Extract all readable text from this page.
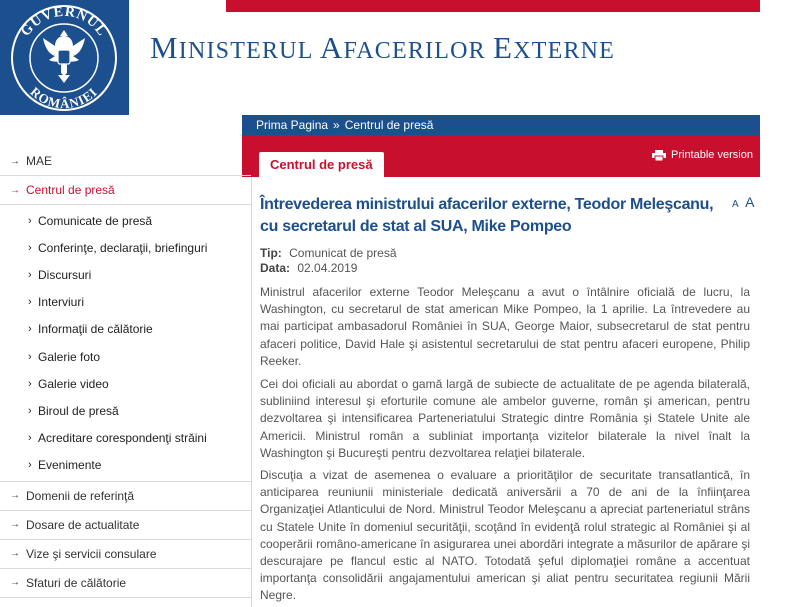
GUVERNUL
ROMÂNIEI
MINISTERUL AFACERILOR EXTERNE
Prima Pagina » Centrul de presă
Centrul de presă
Printable version
→ MAE
→ Centrul de presă
› Comunicate de presă
› Conferinţe, declaraţii, briefinguri
› Discursuri
› Interviuri
› Informaţii de călătorie
› Galerie foto
› Galerie video
› Biroul de presă
› Acreditare corespondenţi străini
› Evenimente
→ Domenii de referinţă
→ Dosare de actualitate
→ Vize şi servicii consulare
→ Sfaturi de călătorie
Întrevederea ministrului afacerilor externe, Teodor Meleşcanu, cu secretarul de stat al SUA, Mike Pompeo
A A
Tip: Comunicat de presă
Data: 02.04.2019

Ministrul afacerilor externe Teodor Meleşcanu a avut o întâlnire oficială de lucru, la Washington, cu secretarul de stat american Mike Pompeo, la 1 aprilie. La întrevedere au mai participat ambasadorul României în SUA, George Maior, subsecretarul de stat pentru afaceri politice, David Hale şi asistentul secretarului de stat pentru afaceri europene, Philip Reeker.

Cei doi oficiali au abordat o gamă largă de subiecte de actualitate de pe agenda bilaterală, subliniind interesul şi eforturile comune ale ambelor guverne, român şi american, pentru dezvoltarea şi intensificarea Parteneriatului Strategic dintre România şi Statele Unite ale Americii. Ministrul român a subliniat importanţa vizitelor bilaterale la nivel înalt la Washington şi Bucureşti pentru dezvoltarea relaţiei bilaterale.

Discuţia a vizat de asemenea o evaluare a priorităţilor de securitate transatlantică, în anticiparea reuniunii ministeriale dedicată aniversării a 70 de ani de la înfiinţarea Organizaţiei Atlanticului de Nord. Ministrul Teodor Meleşcanu a apreciat parteneriatul strâns cu Statele Unite în domeniul securităţii, scoţând în evidenţă rolul strategic al României şi al cooperării româno-americane în asigurarea unei abordări integrate a măsurilor de apărare şi descurajare pe flancul estic al NATO. Totodată şeful diplomaţiei române a accentuat importanţa consolidării angajamentului american şi aliat pentru securitatea regiunii Mării Negre.
